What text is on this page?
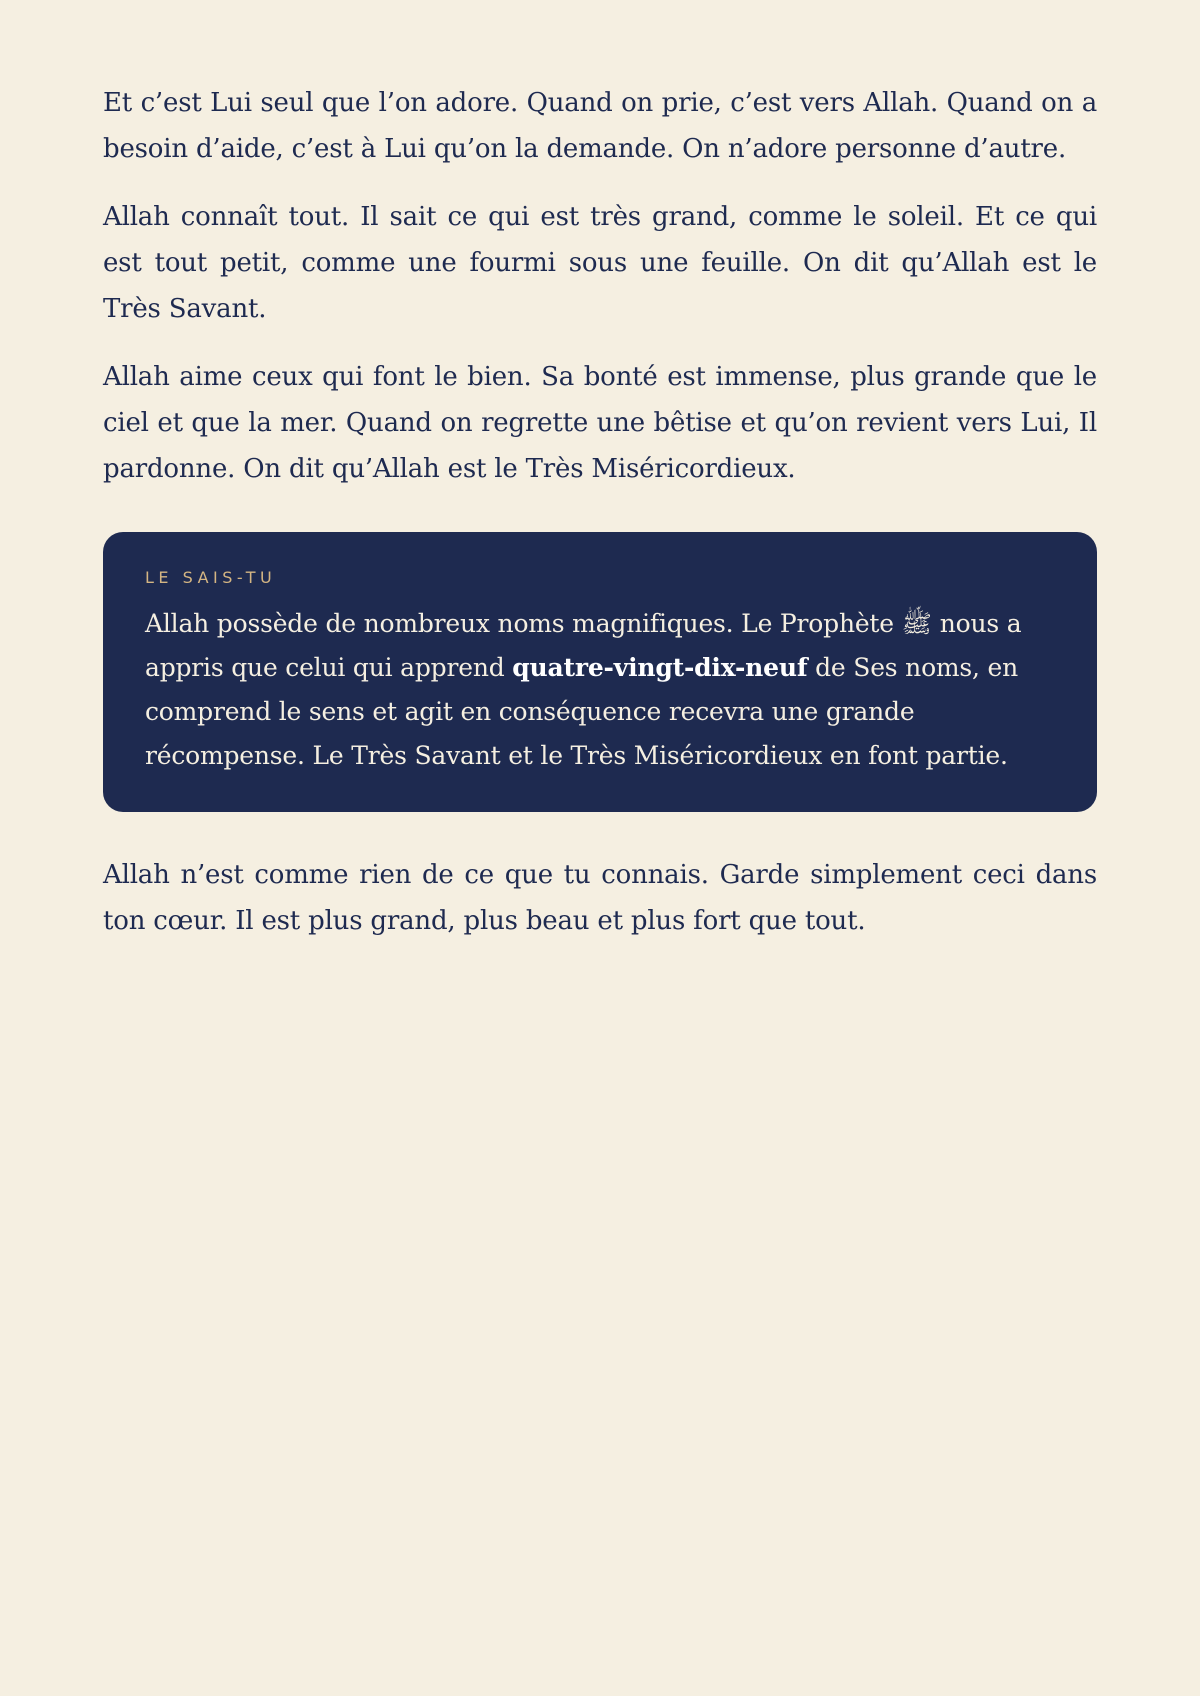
Et c’est Lui seul que l’on adore. Quand on prie, c’est vers Allah. Quand on a besoin d’aide, c’est à Lui qu’on la demande. On n’adore personne d’autre.

Allah connaît tout. Il sait ce qui est très grand, comme le soleil. Et ce qui est tout petit, comme une fourmi sous une feuille. On dit qu’Allah est le Très Savant.

Allah aime ceux qui font le bien. Sa bonté est immense, plus grande que le ciel et que la mer. Quand on regrette une bêtise et qu’on revient vers Lui, Il pardonne. On dit qu’Allah est le Très Miséricordieux.

LE SAIS-TU

Allah possède de nombreux noms magnifiques. Le Prophète ﷺ nous a appris que celui qui apprend quatre-vingt-dix-neuf de Ses noms, en comprend le sens et agit en conséquence recevra une grande récompense. Le Très Savant et le Très Miséricordieux en font partie.

Allah n’est comme rien de ce que tu connais. Garde simplement ceci dans ton cœur. Il est plus grand, plus beau et plus fort que tout.
